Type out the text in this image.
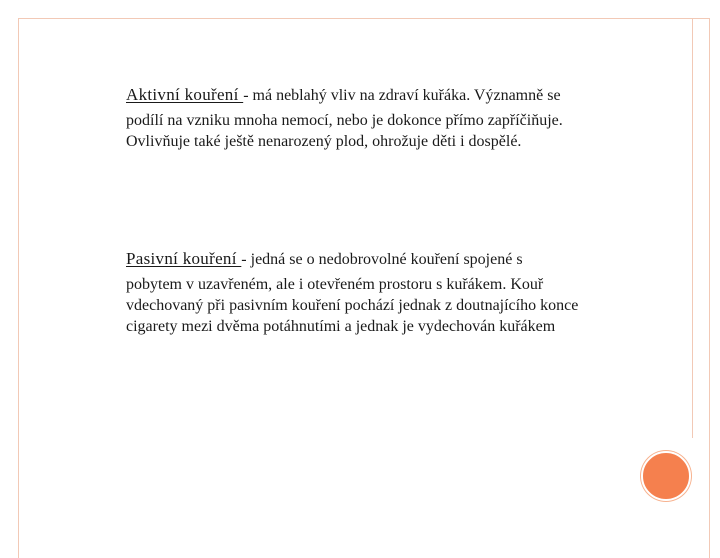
Aktivní kouření - má neblahý vliv na zdraví kuřáka. Významně se
podílí na vzniku mnoha nemocí, nebo je dokonce přímo zapříčiňuje.
Ovlivňuje také ještě nenarozený plod, ohrožuje děti i dospělé.
Pasivní kouření - jedná se o nedobrovolné kouření spojené s
pobytem v uzavřeném, ale i otevřeném prostoru s kuřákem. Kouř
vdechovaný při pasivním kouření pochází jednak z doutnajícího konce
cigarety mezi dvěma potáhnutími a jednak je vydechován kuřákem
